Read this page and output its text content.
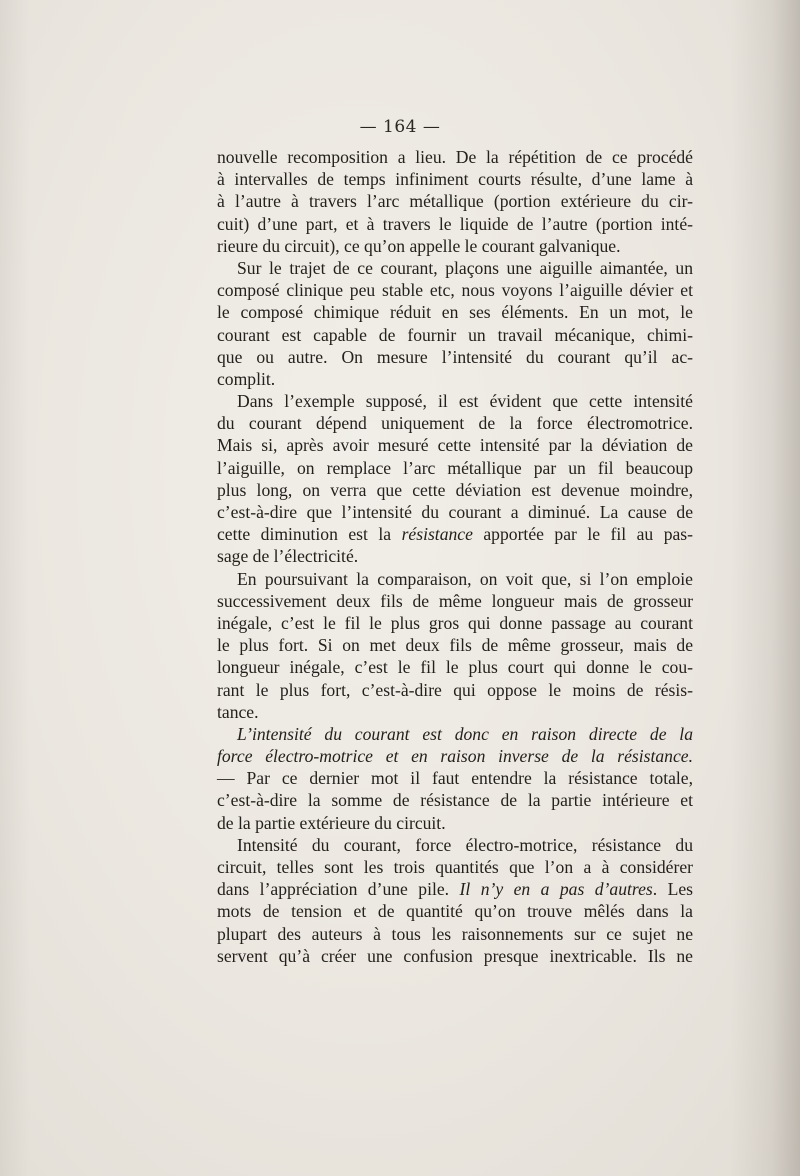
— 164 —
nouvelle recomposition a lieu. De la répétition de ce procédé
à intervalles de temps infiniment courts résulte, d’une lame à
à l’autre à travers l’arc métallique (portion extérieure du cir-
cuit) d’une part, et à travers le liquide de l’autre (portion inté-
rieure du circuit), ce qu’on appelle le courant galvanique.
Sur le trajet de ce courant, plaçons une aiguille aimantée, un
composé clinique peu stable etc, nous voyons l’aiguille dévier et
le composé chimique réduit en ses éléments. En un mot, le
courant est capable de fournir un travail mécanique, chimi-
que ou autre. On mesure l’intensité du courant qu’il ac-
complit.
Dans l’exemple supposé, il est évident que cette intensité
du courant dépend uniquement de la force électromotrice.
Mais si, après avoir mesuré cette intensité par la déviation de
l’aiguille, on remplace l’arc métallique par un fil beaucoup
plus long, on verra que cette déviation est devenue moindre,
c’est-à-dire que l’intensité du courant a diminué. La cause de
cette diminution est la résistance apportée par le fil au pas-
sage de l’électricité.
En poursuivant la comparaison, on voit que, si l’on emploie
successivement deux fils de même longueur mais de grosseur
inégale, c’est le fil le plus gros qui donne passage au courant
le plus fort. Si on met deux fils de même grosseur, mais de
longueur inégale, c’est le fil le plus court qui donne le cou-
rant le plus fort, c’est-à-dire qui oppose le moins de résis-
tance.
L’intensité du courant est donc en raison directe de la
force électro-motrice et en raison inverse de la résistance.
— Par ce dernier mot il faut entendre la résistance totale,
c’est-à-dire la somme de résistance de la partie intérieure et
de la partie extérieure du circuit.
Intensité du courant, force électro-motrice, résistance du
circuit, telles sont les trois quantités que l’on a à considérer
dans l’appréciation d’une pile. Il n’y en a pas d’autres. Les
mots de tension et de quantité qu’on trouve mêlés dans la
plupart des auteurs à tous les raisonnements sur ce sujet ne
servent qu’à créer une confusion presque inextricable. Ils ne
